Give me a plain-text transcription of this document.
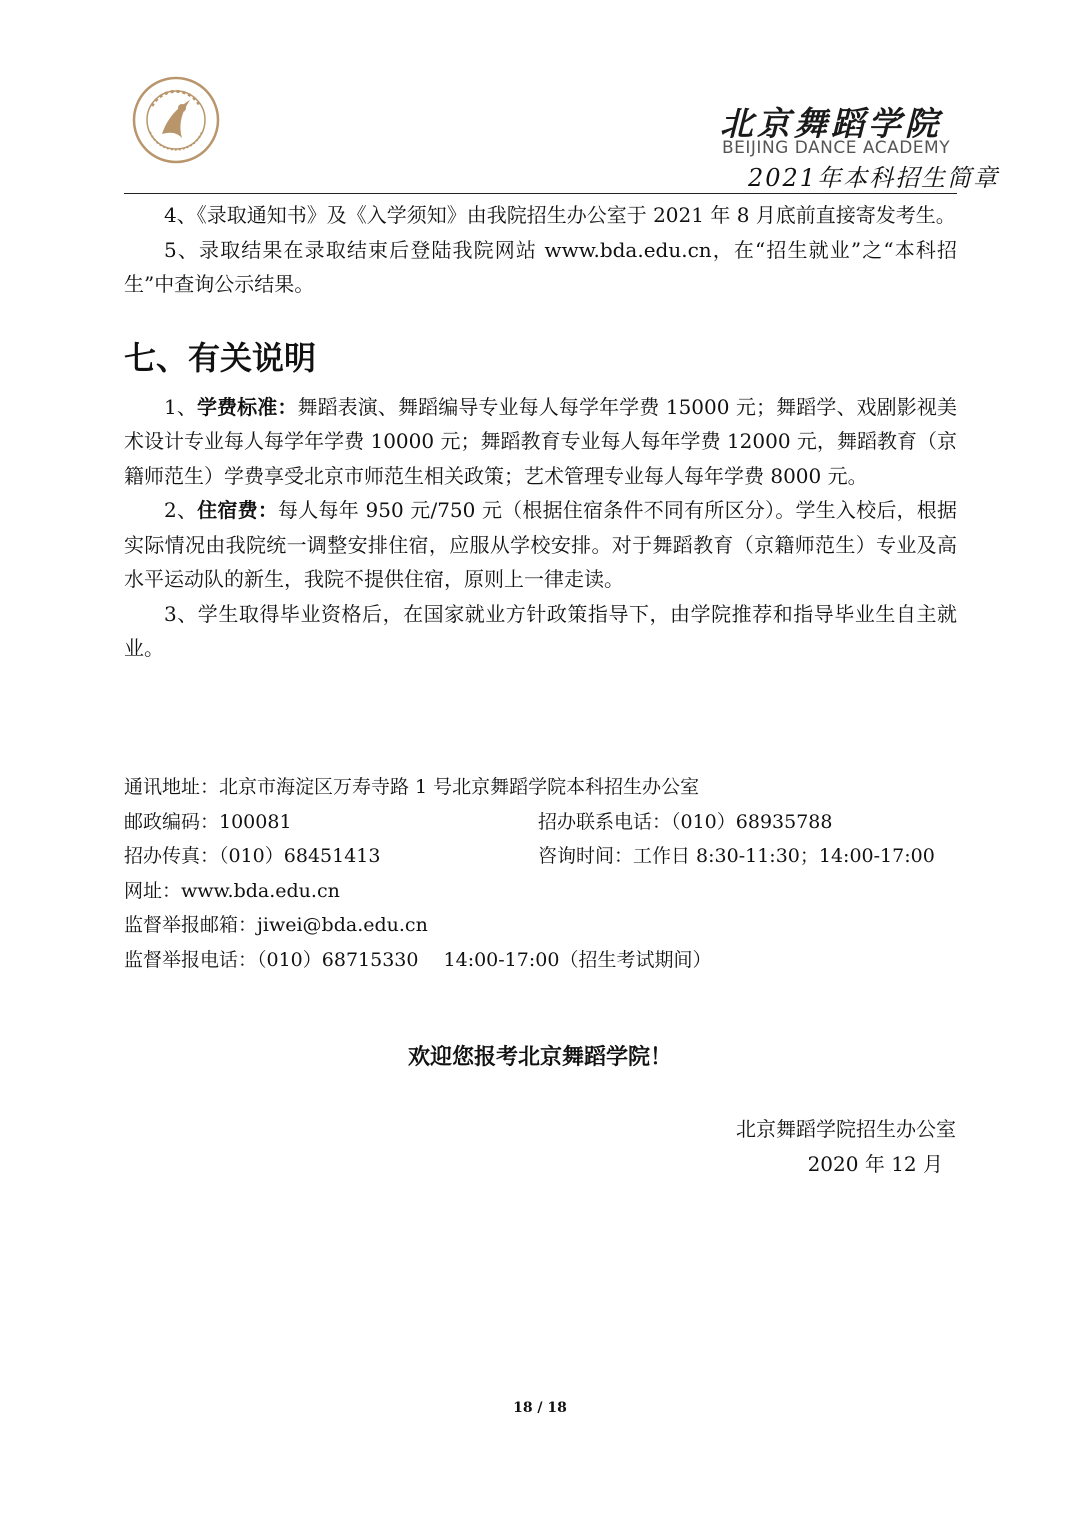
北京舞蹈学院
BEIJING DANCE ACADEMY
2021年本科招生简章

4、《录取通知书》及《入学须知》由我院招生办公室于 2021 年 8 月底前直接寄发考生。

5、录取结果在录取结束后登陆我院网站 www.bda.edu.cn，在“招生就业”之“本科招生”中查询公示结果。

七、有关说明

1、学费标准：舞蹈表演、舞蹈编导专业每人每学年学费 15000 元；舞蹈学、戏剧影视美术设计专业每人每学年学费 10000 元；舞蹈教育专业每人每年学费 12000 元，舞蹈教育（京籍师范生）学费享受北京市师范生相关政策；艺术管理专业每人每年学费 8000 元。

2、住宿费：每人每年 950 元/750 元（根据住宿条件不同有所区分）。学生入校后，根据实际情况由我院统一调整安排住宿，应服从学校安排。对于舞蹈教育（京籍师范生）专业及高水平运动队的新生，我院不提供住宿，原则上一律走读。

3、学生取得毕业资格后，在国家就业方针政策指导下，由学院推荐和指导毕业生自主就业。

通讯地址：北京市海淀区万寿寺路 1 号北京舞蹈学院本科招生办公室
邮政编码：100081	招办联系电话：（010）68935788
招办传真：（010）68451413	咨询时间：工作日 8:30-11:30；14:00-17:00
网址：www.bda.edu.cn
监督举报邮箱：jiwei@bda.edu.cn
监督举报电话：（010）68715330　 14:00-17:00（招生考试期间）
欢迎您报考北京舞蹈学院！
北京舞蹈学院招生办公室
2020 年 12 月
18 / 18
